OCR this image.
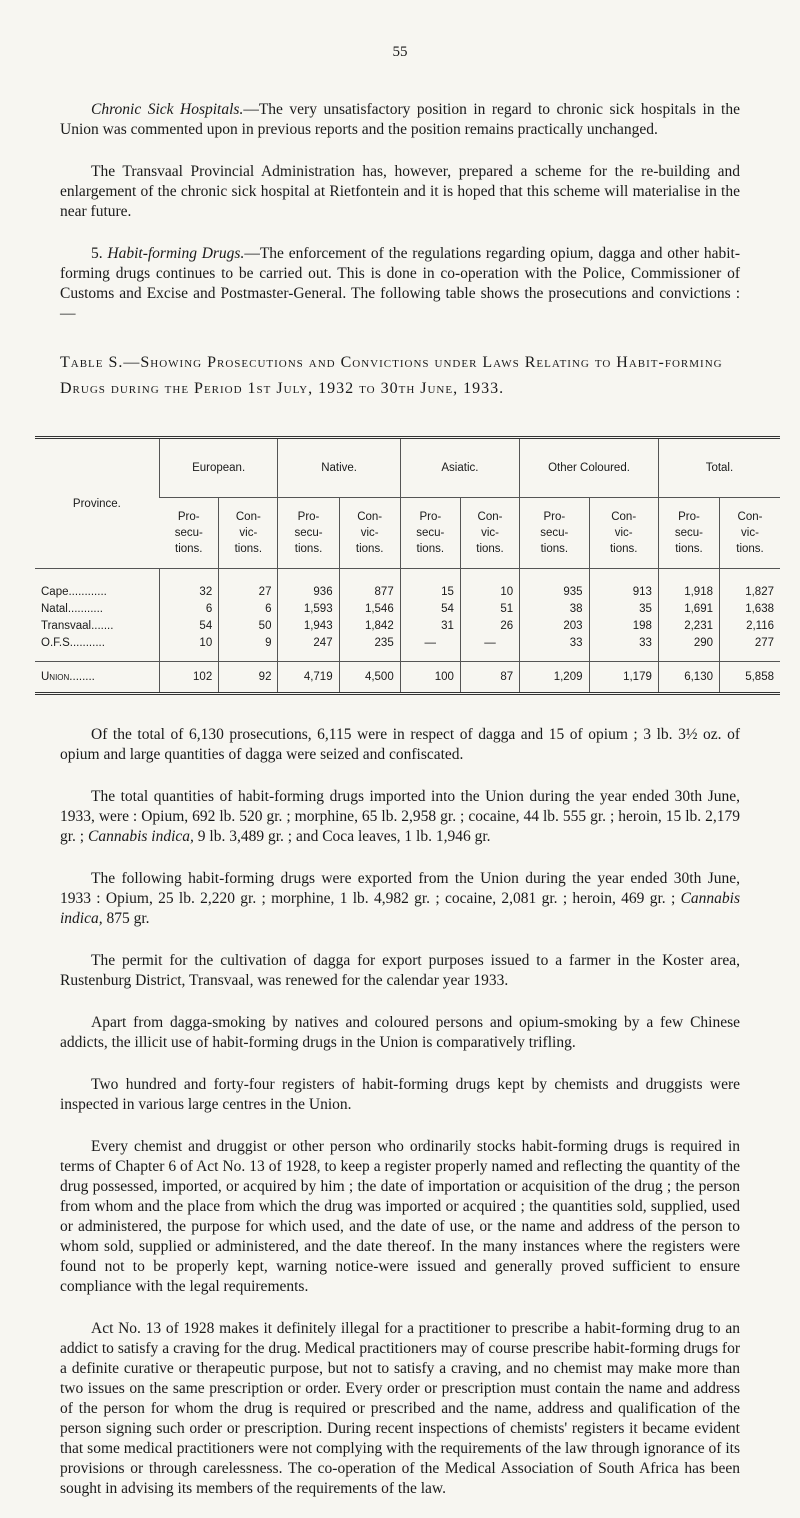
55

  Chronic Sick Hospitals.—The very unsatisfactory position in regard to chronic sick hospitals in the Union was commented upon in previous reports and the position remains practically unchanged.

  The Transvaal Provincial Administration has, however, prepared a scheme for the re-building and enlargement of the chronic sick hospital at Rietfontein and it is hoped that this scheme will materialise in the near future.

  5. Habit-forming Drugs.—The enforcement of the regulations regarding opium, dagga and other habit-forming drugs continues to be carried out. This is done in co-operation with the Police, Commissioner of Customs and Excise and Postmaster-General. The following table shows the prosecutions and convictions :—

Table S.—Showing Prosecutions and Convictions under Laws Relating to Habit-forming Drugs during the Period 1st July, 1932 to 30th June, 1933.

Province.	European.		Native.		Asiatic.		Other Coloured.		Total.	
	Pro-
secu-
tions.	Con-
vic-
tions.	Pro-
secu-
tions.	Con-
vic-
tions.	Pro-
secu-
tions.	Con-
vic-
tions.	Pro-
secu-
tions.	Con-
vic-
tions.	Pro-
secu-
tions.	Con-
vic-
tions.
Cape............	32	27	936	877	15	10	935	913	1,918	1,827
Natal...........	6	6	1,593	1,546	54	51	38	35	1,691	1,638
Transvaal.......	54	50	1,943	1,842	31	26	203	198	2,231	2,116
O.F.S...........	10	9	247	235	—	—	33	33	290	277
Union........	102	92	4,719	4,500	100	87	1,209	1,179	6,130	5,858

  Of the total of 6,130 prosecutions, 6,115 were in respect of dagga and 15 of opium ; 3 lb. 3½ oz. of opium and large quantities of dagga were seized and confiscated.

  The total quantities of habit-forming drugs imported into the Union during the year ended 30th June, 1933, were : Opium, 692 lb. 520 gr. ; morphine, 65 lb. 2,958 gr. ; cocaine, 44 lb. 555 gr. ; heroin, 15 lb. 2,179 gr. ; Cannabis indica, 9 lb. 3,489 gr. ; and Coca leaves, 1 lb. 1,946 gr.

  The following habit-forming drugs were exported from the Union during the year ended 30th June, 1933 : Opium, 25 lb. 2,220 gr. ; morphine, 1 lb. 4,982 gr. ; cocaine, 2,081 gr. ; heroin, 469 gr. ; Cannabis indica, 875 gr.

  The permit for the cultivation of dagga for export purposes issued to a farmer in the Koster area, Rustenburg District, Transvaal, was renewed for the calendar year 1933.

  Apart from dagga-smoking by natives and coloured persons and opium-smoking by a few Chinese addicts, the illicit use of habit-forming drugs in the Union is comparatively trifling.

  Two hundred and forty-four registers of habit-forming drugs kept by chemists and druggists were inspected in various large centres in the Union.

  Every chemist and druggist or other person who ordinarily stocks habit-forming drugs is required in terms of Chapter 6 of Act No. 13 of 1928, to keep a register properly named and reflecting the quantity of the drug possessed, imported, or acquired by him ; the date of importation or acquisition of the drug ; the person from whom and the place from which the drug was imported or acquired ; the quantities sold, supplied, used or administered, the purpose for which used, and the date of use, or the name and address of the person to whom sold, supplied or administered, and the date thereof. In the many instances where the registers were found not to be properly kept, warning notice-were issued and generally proved sufficient to ensure compliance with the legal requirements.

  Act No. 13 of 1928 makes it definitely illegal for a practitioner to prescribe a habit-forming drug to an addict to satisfy a craving for the drug. Medical practitioners may of course prescribe habit-forming drugs for a definite curative or therapeutic purpose, but not to satisfy a craving, and no chemist may make more than two issues on the same prescription or order. Every order or prescription must contain the name and address of the person for whom the drug is required or prescribed and the name, address and qualification of the person signing such order or prescription. During recent inspections of chemists' registers it became evident that some medical practitioners were not complying with the requirements of the law through ignorance of its provisions or through carelessness. The co-operation of the Medical Association of South Africa has been sought in advising its members of the requirements of the law.
